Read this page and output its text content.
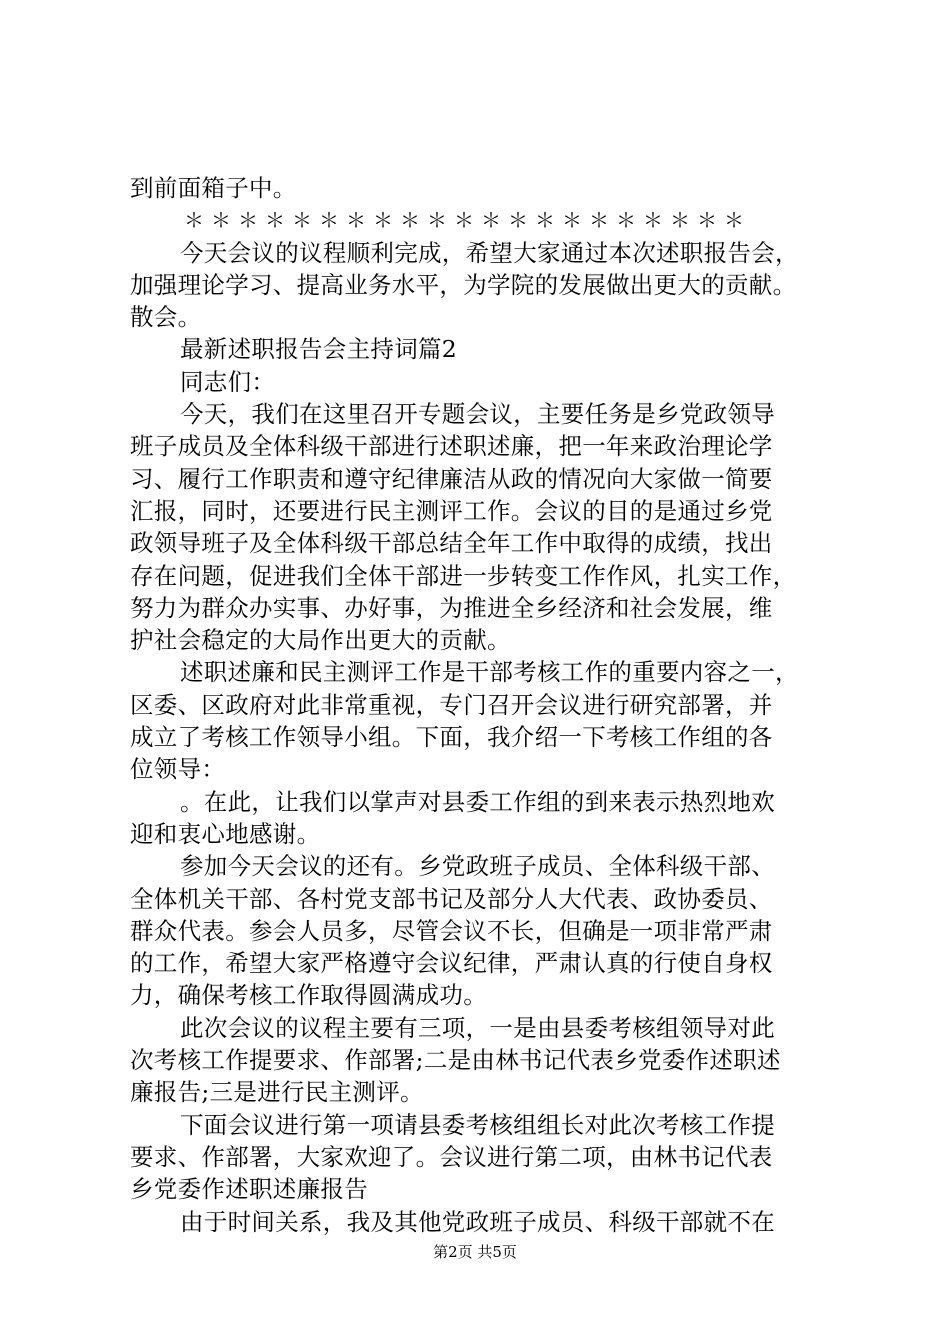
到前面箱子中。
＊＊＊＊＊＊＊＊＊＊＊＊＊＊＊＊＊＊＊＊＊
今天会议的议程顺利完成，希望大家通过本次述职报告会，
加强理论学习、提高业务水平，为学院的发展做出更大的贡献。
散会。
最新述职报告会主持词篇2
同志们：
今天，我们在这里召开专题会议，主要任务是乡党政领导
班子成员及全体科级干部进行述职述廉，把一年来政治理论学
习、履行工作职责和遵守纪律廉洁从政的情况向大家做一简要
汇报，同时，还要进行民主测评工作。会议的目的是通过乡党
政领导班子及全体科级干部总结全年工作中取得的成绩，找出
存在问题，促进我们全体干部进一步转变工作作风，扎实工作，
努力为群众办实事、办好事，为推进全乡经济和社会发展，维
护社会稳定的大局作出更大的贡献。
述职述廉和民主测评工作是干部考核工作的重要内容之一，
区委、区政府对此非常重视，专门召开会议进行研究部署，并
成立了考核工作领导小组。下面，我介绍一下考核工作组的各
位领导：
。在此，让我们以掌声对县委工作组的到来表示热烈地欢
迎和衷心地感谢。
参加今天会议的还有。乡党政班子成员、全体科级干部、
全体机关干部、各村党支部书记及部分人大代表、政协委员、
群众代表。参会人员多，尽管会议不长，但确是一项非常严肃
的工作，希望大家严格遵守会议纪律，严肃认真的行使自身权
力，确保考核工作取得圆满成功。
此次会议的议程主要有三项，一是由县委考核组领导对此
次考核工作提要求、作部署;二是由林书记代表乡党委作述职述
廉报告;三是进行民主测评。
下面会议进行第一项请县委考核组组长对此次考核工作提
要求、作部署，大家欢迎了。会议进行第二项，由林书记代表
乡党委作述职述廉报告
由于时间关系，我及其他党政班子成员、科级干部就不在
第2页 共5页
